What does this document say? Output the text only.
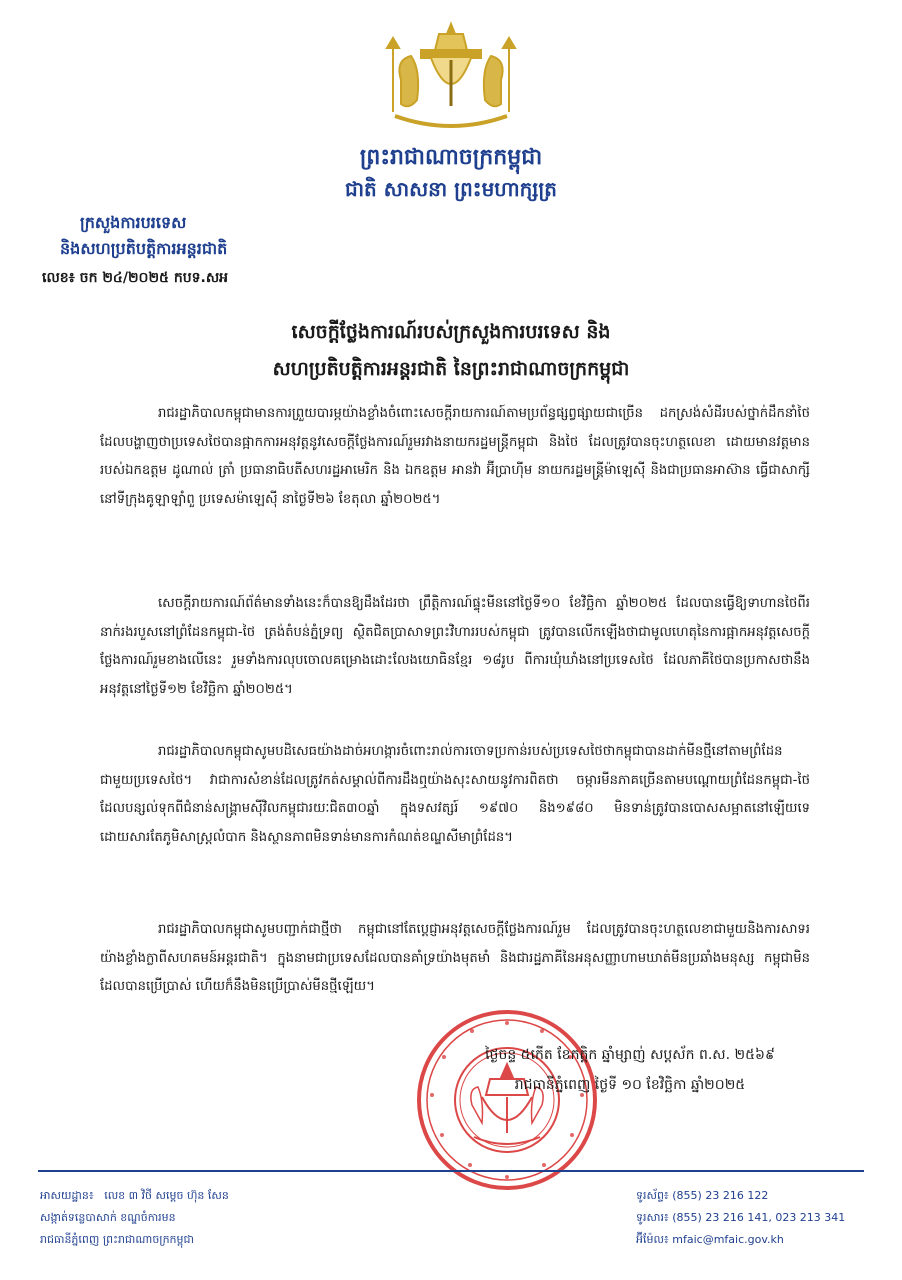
ព្រះរាជាណាចក្រកម្ពុជា
ជាតិ សាសនា ព្រះមហាក្សត្រ
ក្រសួងការបរទេស
និងសហប្រតិបត្តិការអន្តរជាតិ
លេខ៖ ចក ២៤/២០២៥ កបទ.សអ
សេចក្តីថ្លែងការណ៍របស់ក្រសួងការបរទេស និង
សហប្រតិបត្តិការអន្តរជាតិ នៃព្រះរាជាណាចក្រកម្ពុជា

រាជរដ្ឋាភិបាលកម្ពុជាមានការព្រួយបារម្ភយ៉ាងខ្លាំងចំពោះសេចក្តីរាយការណ៍តាមប្រព័ន្ធផ្សព្វផ្សាយជាច្រើន ដកស្រង់សំដីរបស់ថ្នាក់ដឹកនាំថៃ ដែលបង្ហាញថាប្រទេសថៃបានផ្អាកការអនុវត្តនូវសេចក្តីថ្លែងការណ៍រួមរវាងនាយករដ្ឋមន្ត្រីកម្ពុជា និងថៃ ដែលត្រូវបានចុះហត្ថលេខា ដោយមានវត្តមានរបស់ឯកឧត្តម ដូណាល់ ត្រាំ ប្រធានាធិបតីសហរដ្ឋអាមេរិក និង ឯកឧត្តម អានវ៉ា អ៊ីប្រាហ៊ីម នាយករដ្ឋមន្ត្រីម៉ាឡេស៊ី និងជាប្រធានអាស៊ាន ធ្វើជាសាក្សី នៅទីក្រុងគូឡាឡាំពួ ប្រទេសម៉ាឡេស៊ី នាថ្ងៃទី២៦ ខែតុលា ឆ្នាំ២០២៥។

សេចក្តីរាយការណ៍ព័ត៌មានទាំងនេះក៏បានឱ្យដឹងដែរថា ព្រឹត្តិការណ៍ផ្ទុះមីននៅថ្ងៃទី១០ ខែវិច្ឆិកា ឆ្នាំ២០២៥ ដែលបានធ្វើឱ្យទាហានថៃពីរនាក់រងរបួសនៅព្រំដែនកម្ពុជា-ថៃ ត្រង់តំបន់ភ្នំទ្រព្យ ស្ថិតជិតប្រាសាទព្រះវិហាររបស់កម្ពុជា ត្រូវបានលើកឡើងថាជាមូលហេតុនៃការផ្អាកអនុវត្តសេចក្តីថ្លែងការណ៍រួមខាងលើនេះ រួមទាំងការលុបចោលគម្រោងដោះលែងយោធិនខ្មែរ ១៨រូប ពីការឃុំឃាំងនៅប្រទេសថៃ ដែលភាគីថៃបានប្រកាសថានឹងអនុវត្តនៅថ្ងៃទី១២ ខែវិច្ឆិកា ឆ្នាំ២០២៥។

រាជរដ្ឋាភិបាលកម្ពុជាសូមបដិសេធយ៉ាងដាច់អហង្ការចំពោះរាល់ការចោទប្រកាន់របស់ប្រទេសថៃថាកម្ពុជាបានដាក់មីនថ្មីនៅតាមព្រំដែនជាមួយប្រទេសថៃ។ វាជាការសំខាន់ដែលត្រូវកត់សម្គាល់ពីការដឹងឮយ៉ាងសុះសាយនូវការពិតថា ចម្ការមីនភាគច្រើនតាមបណ្តោយព្រំដែនកម្ពុជា-ថៃ ដែលបន្សល់ទុកពីជំនាន់សង្គ្រាមស៊ីវិលកម្ពុជារយៈជិត៣០ឆ្នាំ ក្នុងទសវត្សរ៍ ១៩៧០ និង១៩៨០ មិនទាន់ត្រូវបានបោសសម្អាតនៅឡើយទេ ដោយសារតែភូមិសាស្ត្រលំបាក និងស្ថានភាពមិនទាន់មានការកំណត់ខណ្ឌសីមាព្រំដែន។

រាជរដ្ឋាភិបាលកម្ពុជាសូមបញ្ជាក់ជាថ្មីថា កម្ពុជានៅតែប្តេជ្ញាអនុវត្តសេចក្តីថ្លែងការណ៍រួម ដែលត្រូវបានចុះហត្ថលេខាជាមួយនិងការសាទរយ៉ាងខ្លាំងក្លាពីសហគមន៍អន្តរជាតិ។ ក្នុងនាមជាប្រទេសដែលបានគាំទ្រយ៉ាងមុតមាំ និងជារដ្ឋភាគីនៃអនុសញ្ញាហាមឃាត់មីនប្រឆាំងមនុស្ស កម្ពុជាមិនដែលបានប្រើប្រាស់ ហើយក៏នឹងមិនប្រើប្រាស់មីនថ្មីឡើយ។

ថ្ងៃចន្ទ ៥កើត ខែកត្តិក ឆ្នាំម្សាញ់ សប្តស័ក ព.ស. ២៥៦៩
រាជធានីភ្នំពេញ ថ្ងៃទី ១០ ខែវិច្ឆិកា ឆ្នាំ២០២៥
អាសយដ្ឋាន៖ លេខ ៣ វិថី សម្តេច ហ៊ុន សែន
សង្កាត់ទន្លេបាសាក់ ខណ្ឌចំការមន
រាជធានីភ្នំពេញ ព្រះរាជាណាចក្រកម្ពុជា
ទូរស័ព្ទ៖ (855) 23 216 122
ទូរសារ៖ (855) 23 216 141, 023 213 341
អ៊ីម៉ែល៖ mfaic@mfaic.gov.kh
